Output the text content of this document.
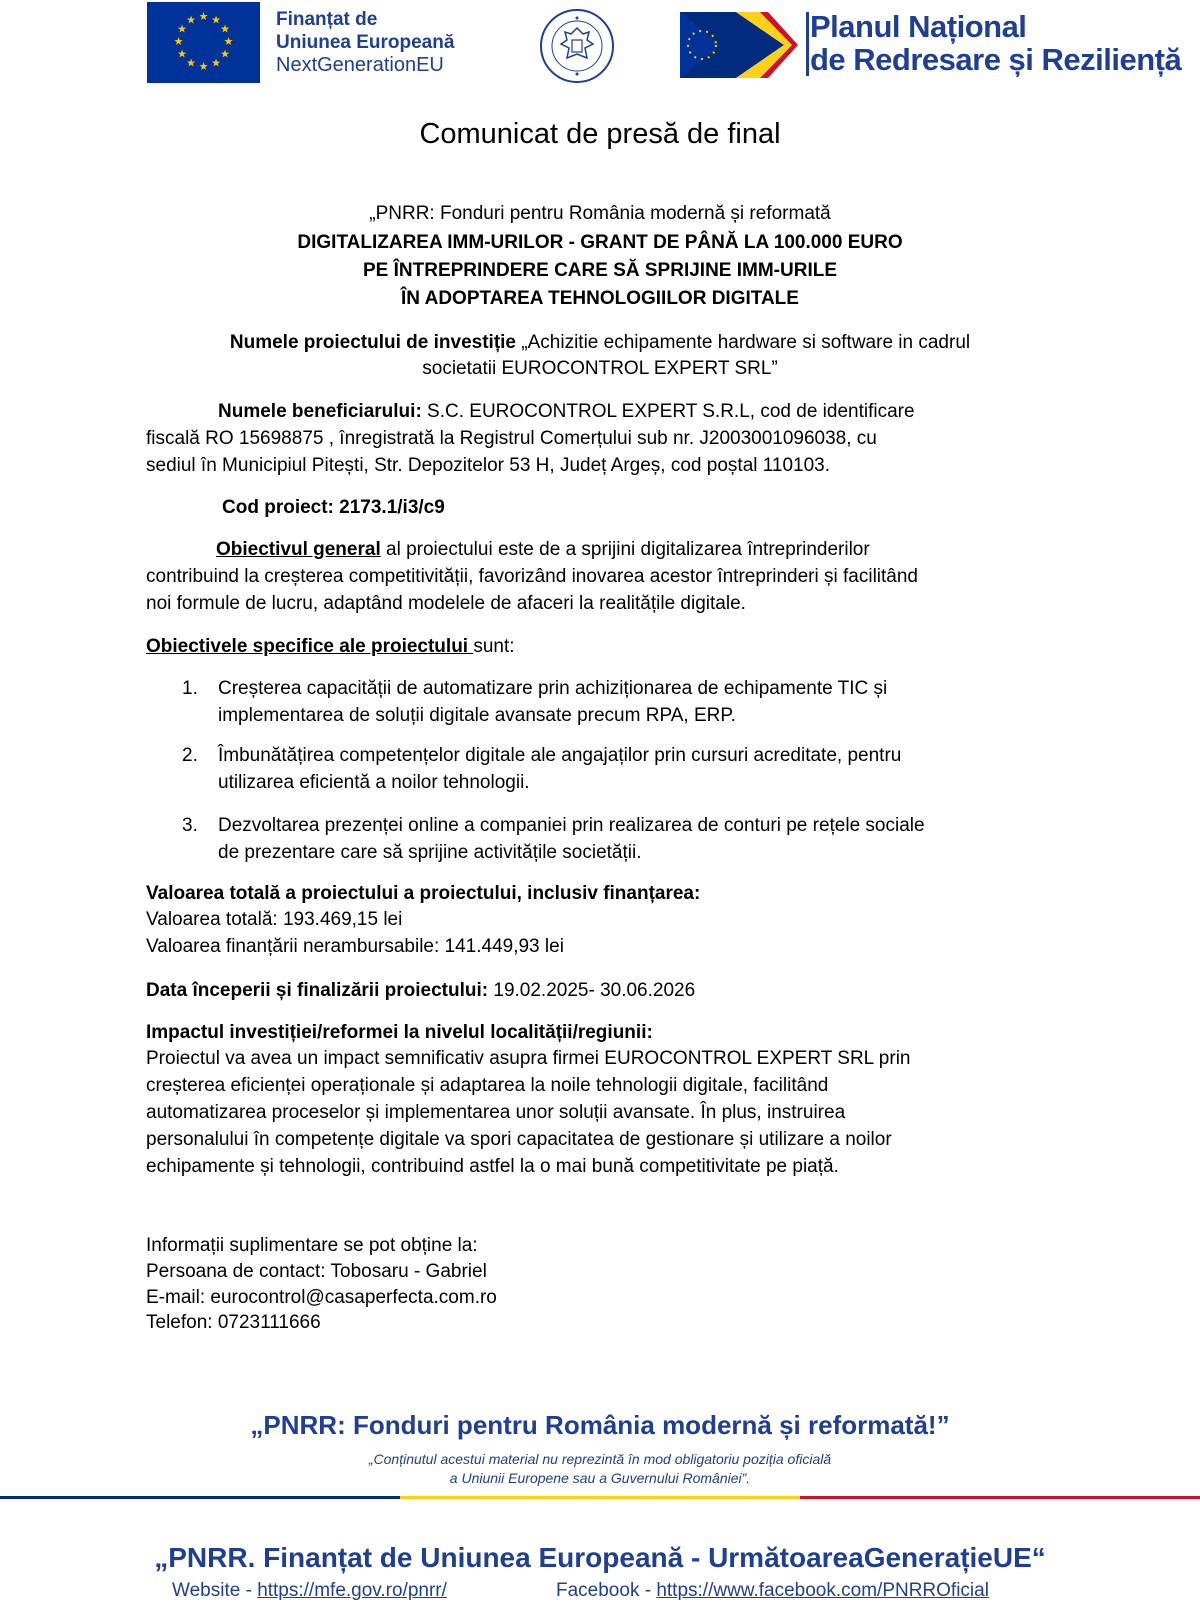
★ ★
★
★
★
★
★
★
★
★
★
★	Finanțat de
Uniunea Europeană
NextGenerationEU
Planul Național
de Redresare și Reziliență
Comunicat de presă de final
„PNRR: Fonduri pentru România modernă și reformată
DIGITALIZAREA IMM-URILOR - GRANT DE PÂNĂ LA 100.000 EURO
PE ÎNTREPRINDERE CARE SĂ SPRIJINE IMM-URILE
ÎN ADOPTAREA TEHNOLOGIILOR DIGITALE
Numele proiectului de investiție „Achizitie echipamente hardware si software in cadrul
societatii EUROCONTROL EXPERT SRL”
Numele beneficiarului: S.C. EUROCONTROL EXPERT S.R.L, cod de identificare
fiscală RO 15698875 , înregistrată la Registrul Comerțului sub nr. J2003001096038, cu
sediul în Municipiul Pitești, Str. Depozitelor 53 H, Județ Argeș, cod poștal 110103.
Cod proiect: 2173.1/i3/c9
Obiectivul general al proiectului este de a sprijini digitalizarea întreprinderilor
contribuind la creșterea competitivității, favorizând inovarea acestor întreprinderi și facilitând
noi formule de lucru, adaptând modelele de afaceri la realitățile digitale.
Obiectivele specifice ale proiectului sunt:
1. Creșterea capacității de automatizare prin achiziționarea de echipamente TIC și
implementarea de soluții digitale avansate precum RPA, ERP.
2. Îmbunătățirea competențelor digitale ale angajaților prin cursuri acreditate, pentru
utilizarea eficientă a noilor tehnologii.
3. Dezvoltarea prezenței online a companiei prin realizarea de conturi pe rețele sociale
de prezentare care să sprijine activitățile societății.
Valoarea totală a proiectului a proiectului, inclusiv finanțarea:
Valoarea totală: 193.469,15 lei
Valoarea finanțării nerambursabile: 141.449,93 lei
Data începerii și finalizării proiectului: 19.02.2025- 30.06.2026
Impactul investiției/reformei la nivelul localității/regiunii:
Proiectul va avea un impact semnificativ asupra firmei EUROCONTROL EXPERT SRL prin
creșterea eficienței operaționale și adaptarea la noile tehnologii digitale, facilitând
automatizarea proceselor și implementarea unor soluții avansate. În plus, instruirea
personalului în competențe digitale va spori capacitatea de gestionare și utilizare a noilor
echipamente și tehnologii, contribuind astfel la o mai bună competitivitate pe piață.
Informații suplimentare se pot obține la:
Persoana de contact: Tobosaru - Gabriel
E-mail: eurocontrol@casaperfecta.com.ro
Telefon: 0723111666
„PNRR: Fonduri pentru România modernă și reformată!”
„Conținutul acestui material nu reprezintă în mod obligatoriu poziția oficială
a Uniunii Europene sau a Guvernului României”.
„PNRR. Finanțat de Uniunea Europeană - UrmătoareaGenerațieUE“
Website - https://mfe.gov.ro/pnrr/	Facebook - https://www.facebook.com/PNRROficial
